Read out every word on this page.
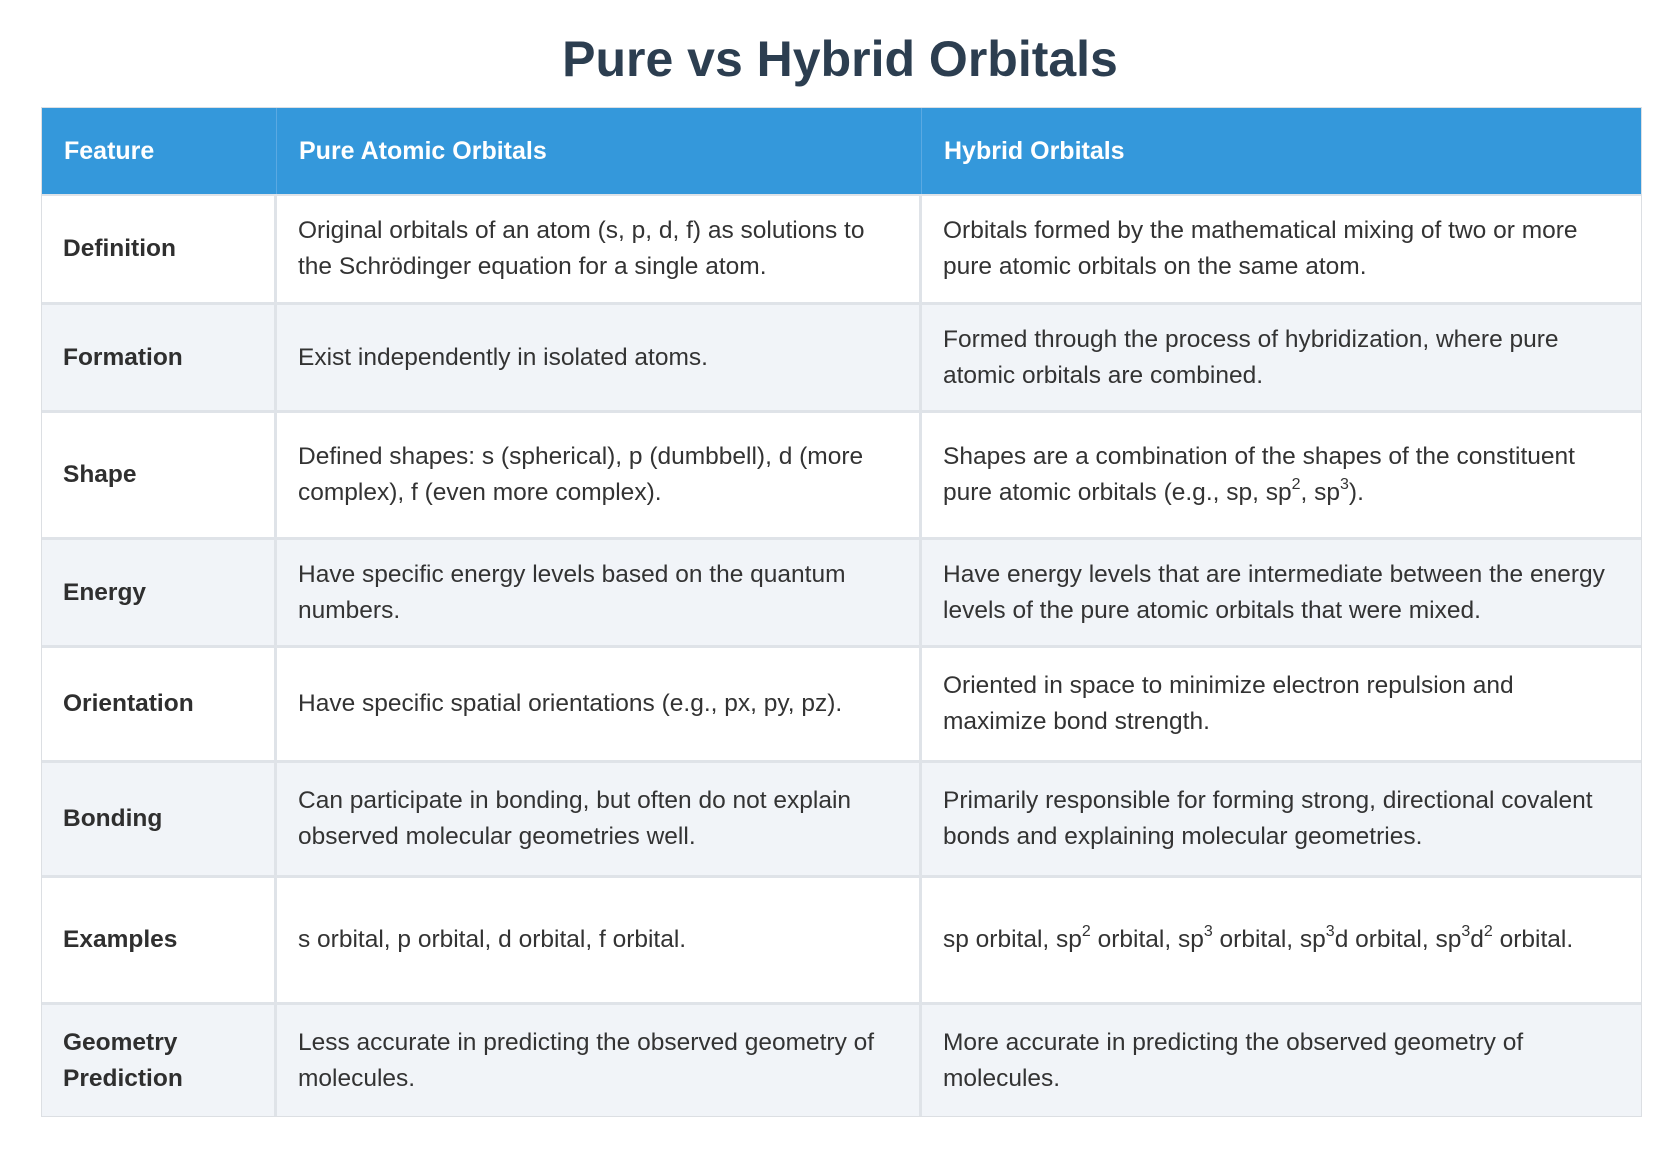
Pure vs Hybrid Orbitals
Feature	Pure Atomic Orbitals	Hybrid Orbitals
Definition	Original orbitals of an atom (s, p, d, f) as solutions to the Schrödinger equation for a single atom.	Orbitals formed by the mathematical mixing of two or more pure atomic orbitals on the same atom.
Formation	Exist independently in isolated atoms.	Formed through the process of hybridization, where pure atomic orbitals are combined.
Shape	Defined shapes: s (spherical), p (dumbbell), d (more complex), f (even more complex).	Shapes are a combination of the shapes of the constituent pure atomic orbitals (e.g., sp, $sp^2$, $sp^3$).
Energy	Have specific energy levels based on the quantum numbers.	Have energy levels that are intermediate between the energy levels of the pure atomic orbitals that were mixed.
Orientation	Have specific spatial orientations (e.g., px, py, pz).	Oriented in space to minimize electron repulsion and maximize bond strength.
Bonding	Can participate in bonding, but often do not explain observed molecular geometries well.	Primarily responsible for forming strong, directional covalent bonds and explaining molecular geometries.
Examples	s orbital, p orbital, d orbital, f orbital.	sp orbital, $sp^2$ orbital, $sp^3$ orbital, $sp^3d$ orbital, $sp^3d^2$ orbital.
Geometry Prediction	Less accurate in predicting the observed geometry of molecules.	More accurate in predicting the observed geometry of molecules.
